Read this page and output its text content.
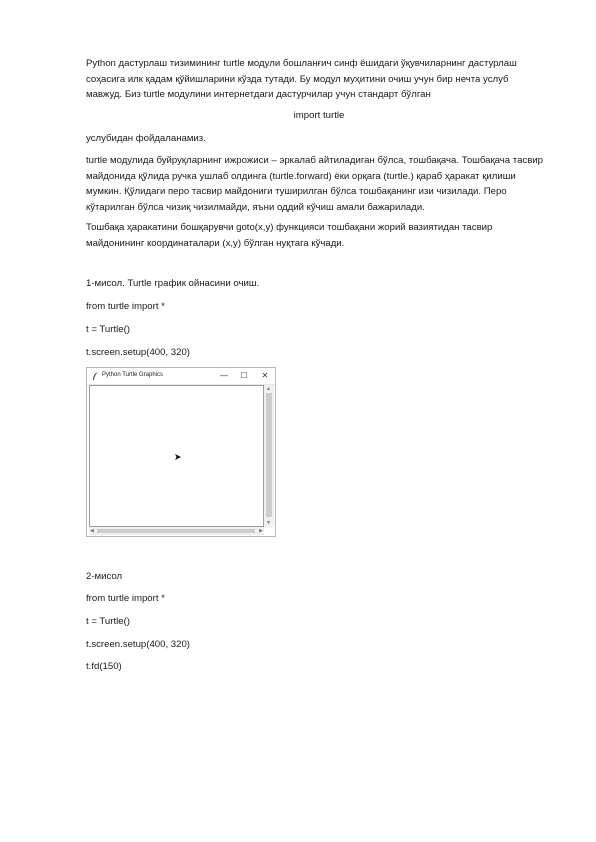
Python дастурлаш тизимининг turtle модули бошланғич синф ёшидаги ўқувчиларнинг дастурлаш соҳасига илк қадам қўйишларини кўзда тутади. Бу модул муҳитини очиш учун бир нечта услуб мавжуд. Биз turtle модулини интернетдаги дастурчилар учун стандарт бўлган

import turtle

услубидан фойдаланамиз.

turtle модулида буйруқларнинг ижрожиси – эркалаб айтиладиган бўлса, тошбақача. Тошбақача тасвир майдонида қўлида ручка ушлаб олдинга (turtle.forward) ёки орқага (turtle.) қараб ҳаракат қилиши мумкин. Қўлидаги перо тасвир майдониги туширилган бўлса тошбақанинг изи чизилади. Перо кўтарилган бўлса чизиқ чизилмайди, яъни оддий кўчиш амали бажарилади.

Тошбақа ҳаракатини бошқарувчи goto(x,y) функцияси тошбақани жорий вазиятидан тасвир майдонининг координаталари (x,y) бўлган нуқтага кўчади.

1-мисол. Turtle график ойнасини очиш.

from turtle import *

t = Turtle()

t.screen.setup(400, 320)

Python Turtle Graphics	—	☐	✕
▲
▼
◀	▶

2-мисол

from turtle import *

t = Turtle()

t.screen.setup(400, 320)

t.fd(150)
